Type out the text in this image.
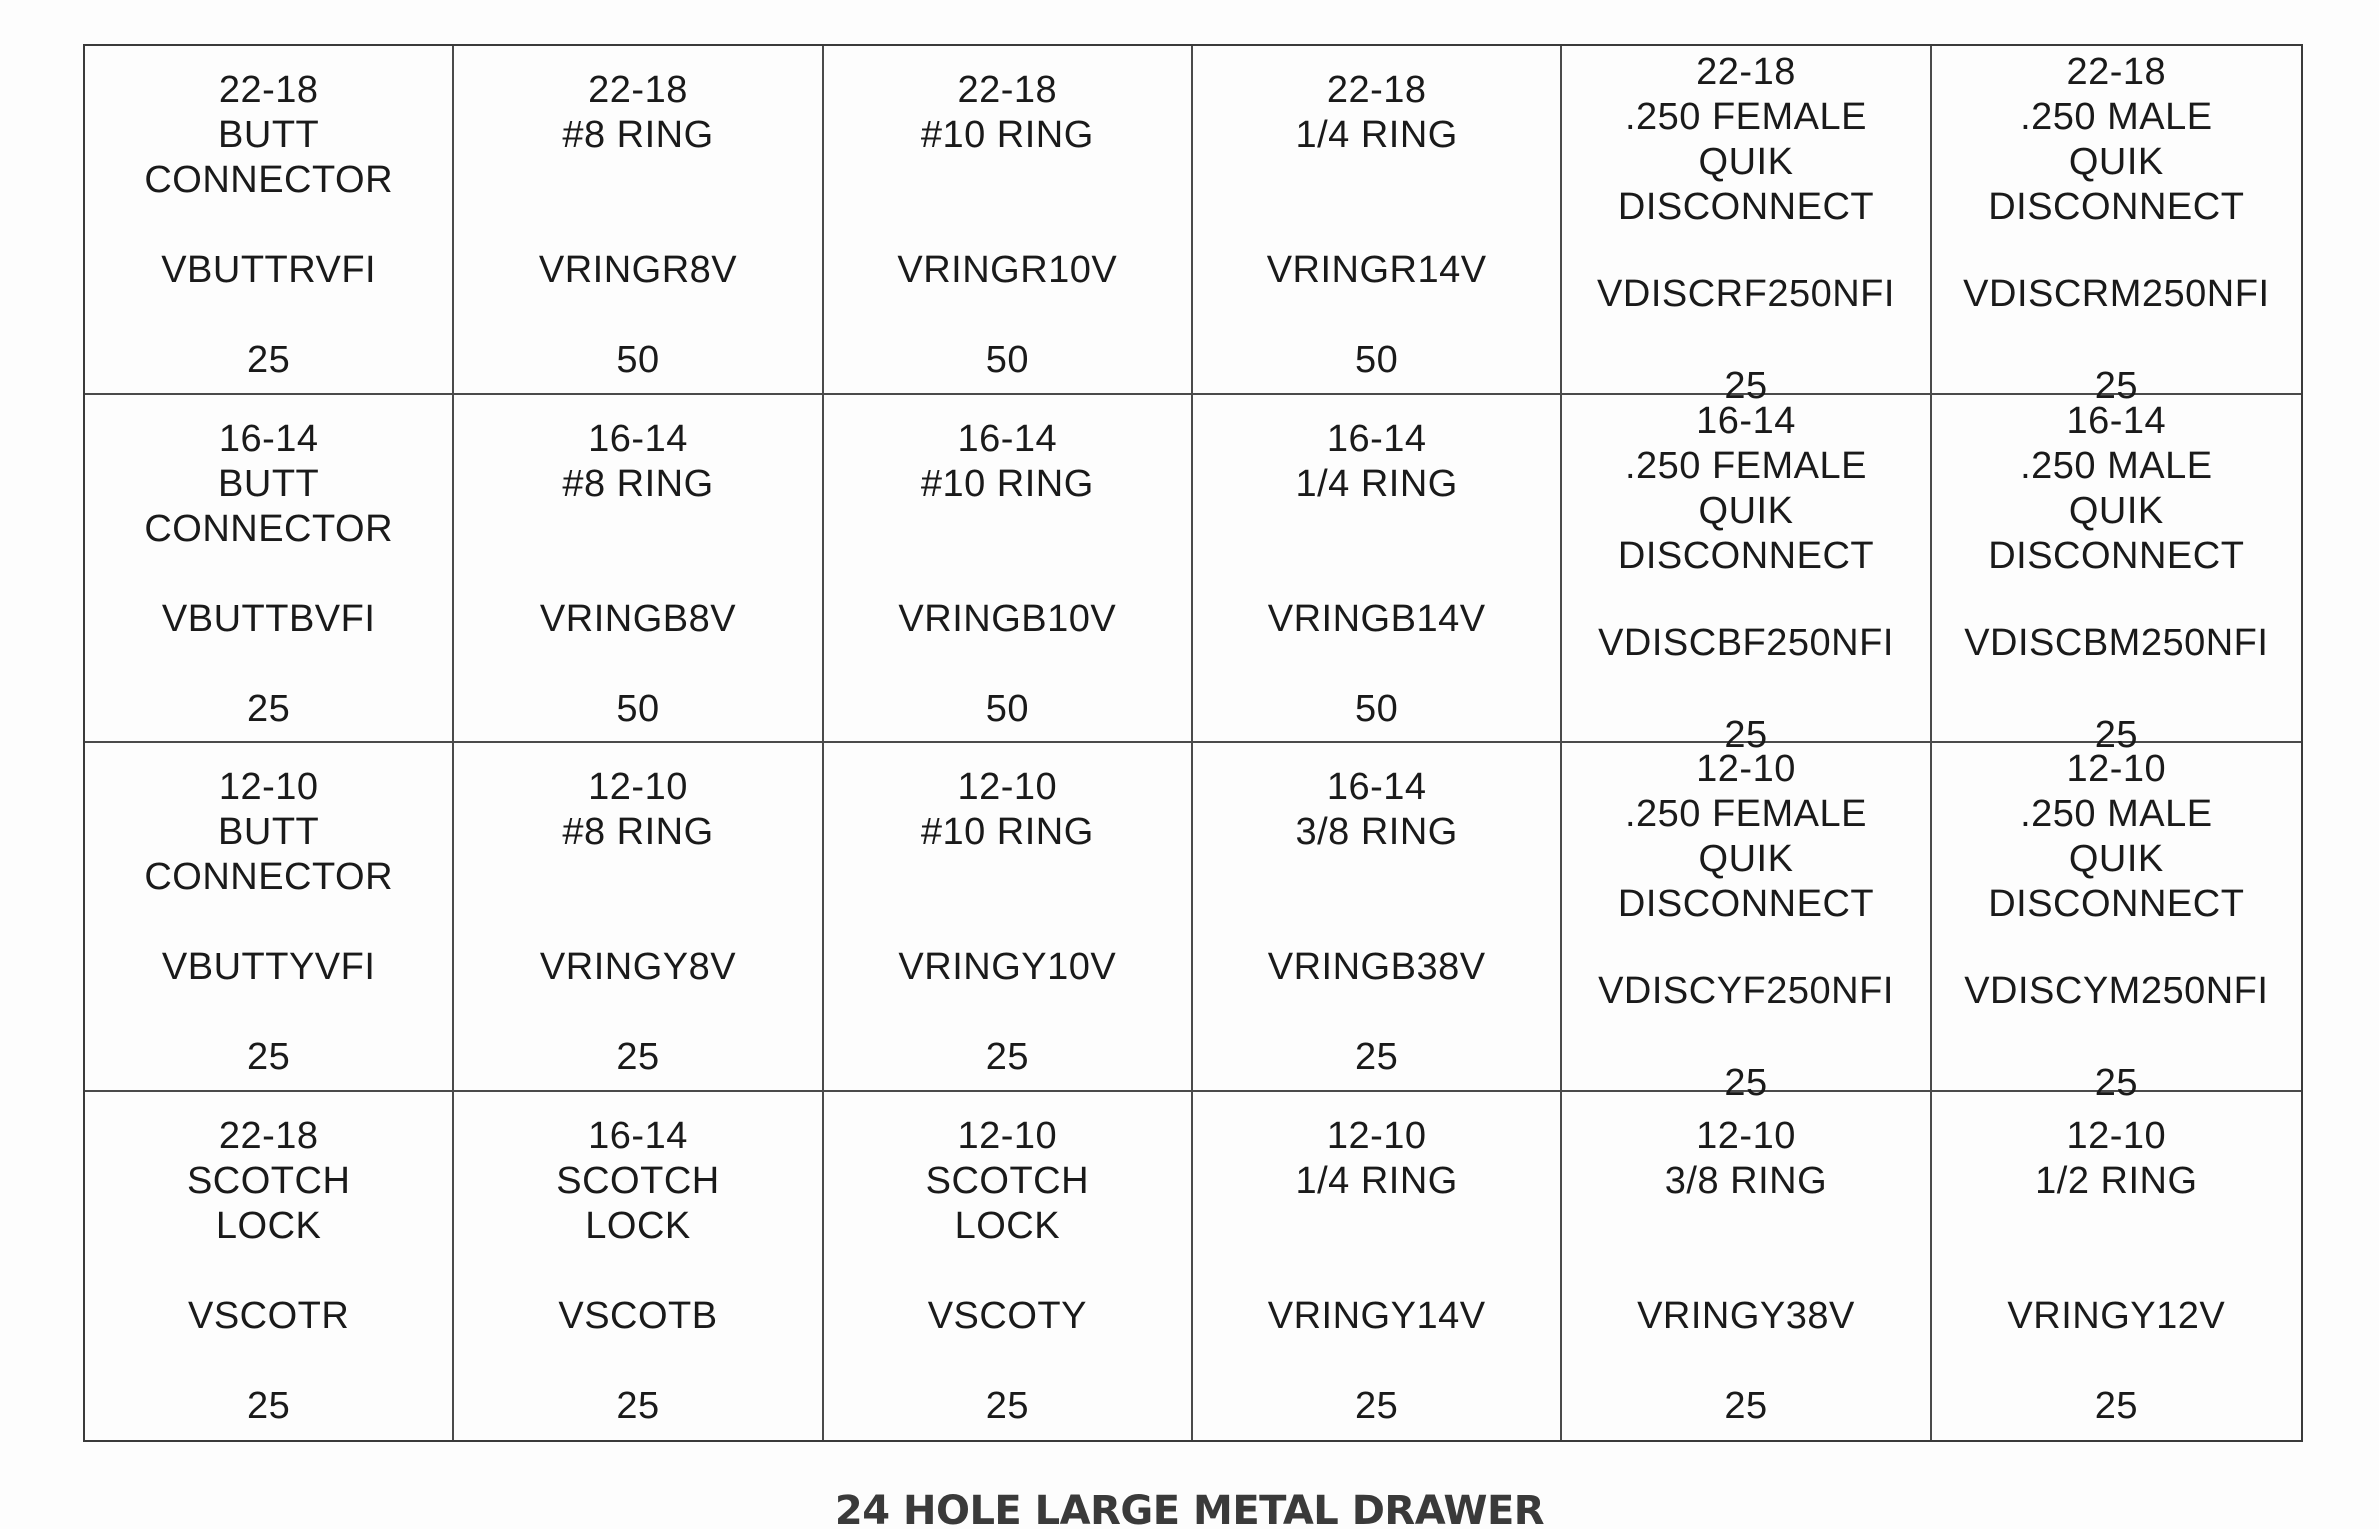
22-18
BUTT
CONNECTOR
VBUTTRVFI
25
22-18
#8 RING
VRINGR8V
50
22-18
#10 RING
VRINGR10V
50
22-18
1/4 RING
VRINGR14V
50
22-18
.250 FEMALE
QUIK
DISCONNECT
VDISCRF250NFI
25
22-18
.250 MALE
QUIK
DISCONNECT
VDISCRM250NFI
25
16-14
BUTT
CONNECTOR
VBUTTBVFI
25
16-14
#8 RING
VRINGB8V
50
16-14
#10 RING
VRINGB10V
50
16-14
1/4 RING
VRINGB14V
50
16-14
.250 FEMALE
QUIK
DISCONNECT
VDISCBF250NFI
25
16-14
.250 MALE
QUIK
DISCONNECT
VDISCBM250NFI
25
12-10
BUTT
CONNECTOR
VBUTTYVFI
25
12-10
#8 RING
VRINGY8V
25
12-10
#10 RING
VRINGY10V
25
16-14
3/8 RING
VRINGB38V
25
12-10
.250 FEMALE
QUIK
DISCONNECT
VDISCYF250NFI
25
12-10
.250 MALE
QUIK
DISCONNECT
VDISCYM250NFI
25
22-18
SCOTCH
LOCK
VSCOTR
25
16-14
SCOTCH
LOCK
VSCOTB
25
12-10
SCOTCH
LOCK
VSCOTY
25
12-10
1/4 RING
VRINGY14V
25
12-10
3/8 RING
VRINGY38V
25
12-10
1/2 RING
VRINGY12V
25
24 HOLE LARGE METAL DRAWER
